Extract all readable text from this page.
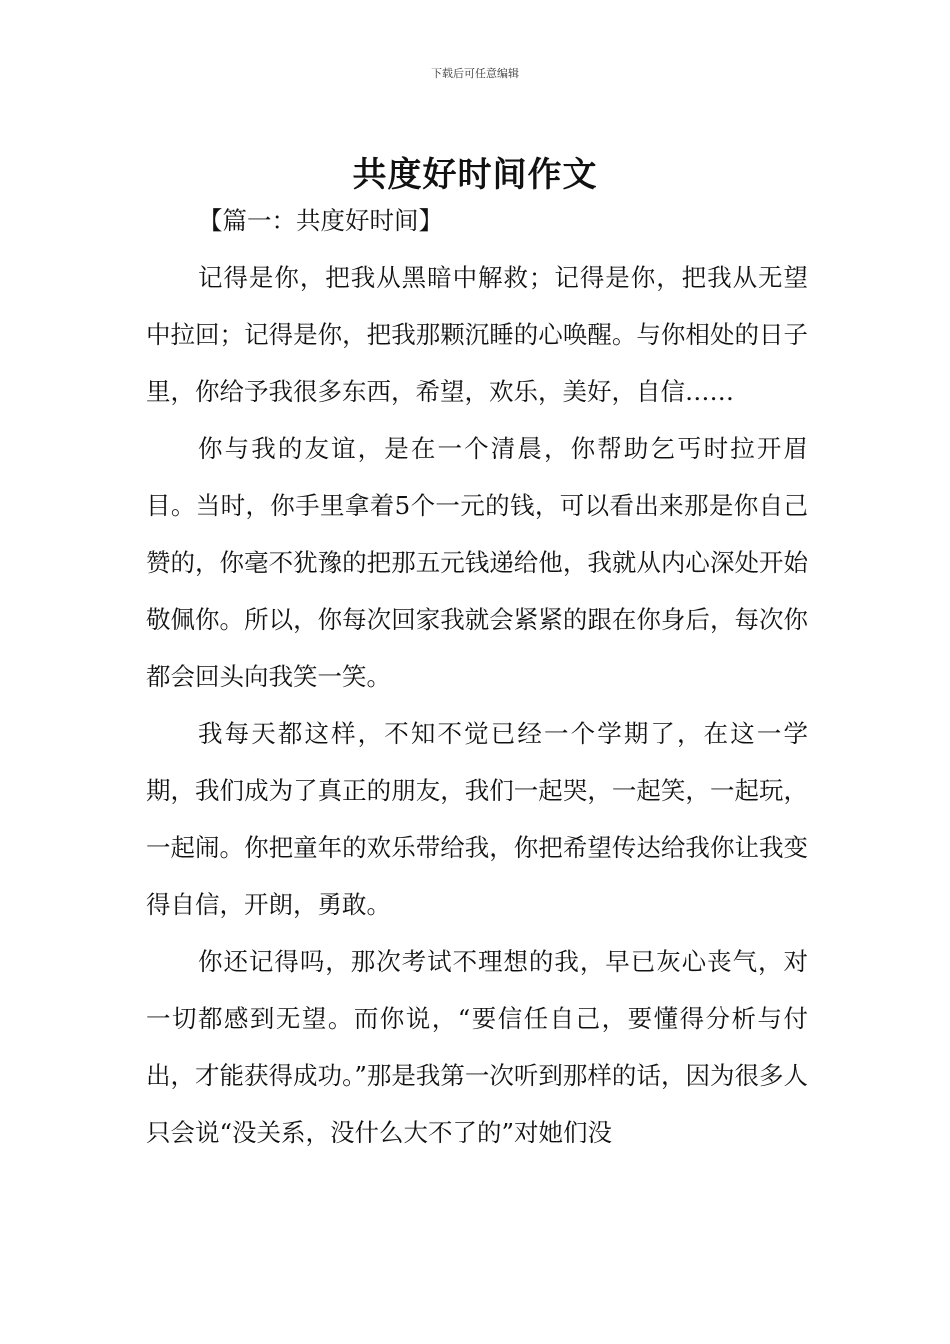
下载后可任意编辑
共度好时间作文

【篇一：共度好时间】

记得是你，把我从黑暗中解救；记得是你，把我从无望中拉回；记得是你，把我那颗沉睡的心唤醒。与你相处的日子里，你给予我很多东西，希望，欢乐，美好，自信……

你与我的友谊，是在一个清晨，你帮助乞丐时拉开眉目。当时，你手里拿着5个一元的钱，可以看出来那是你自己赞的，你毫不犹豫的把那五元钱递给他，我就从内心深处开始敬佩你。所以，你每次回家我就会紧紧的跟在你身后，每次你都会回头向我笑一笑。

我每天都这样，不知不觉已经一个学期了，在这一学期，我们成为了真正的朋友，我们一起哭，一起笑，一起玩，一起闹。你把童年的欢乐带给我，你把希望传达给我你让我变得自信，开朗，勇敢。

你还记得吗，那次考试不理想的我，早已灰心丧气，对一切都感到无望。而你说，“要信任自己，要懂得分析与付出，才能获得成功。”那是我第一次听到那样的话，因为很多人只会说“没关系，没什么大不了的”对她们没
